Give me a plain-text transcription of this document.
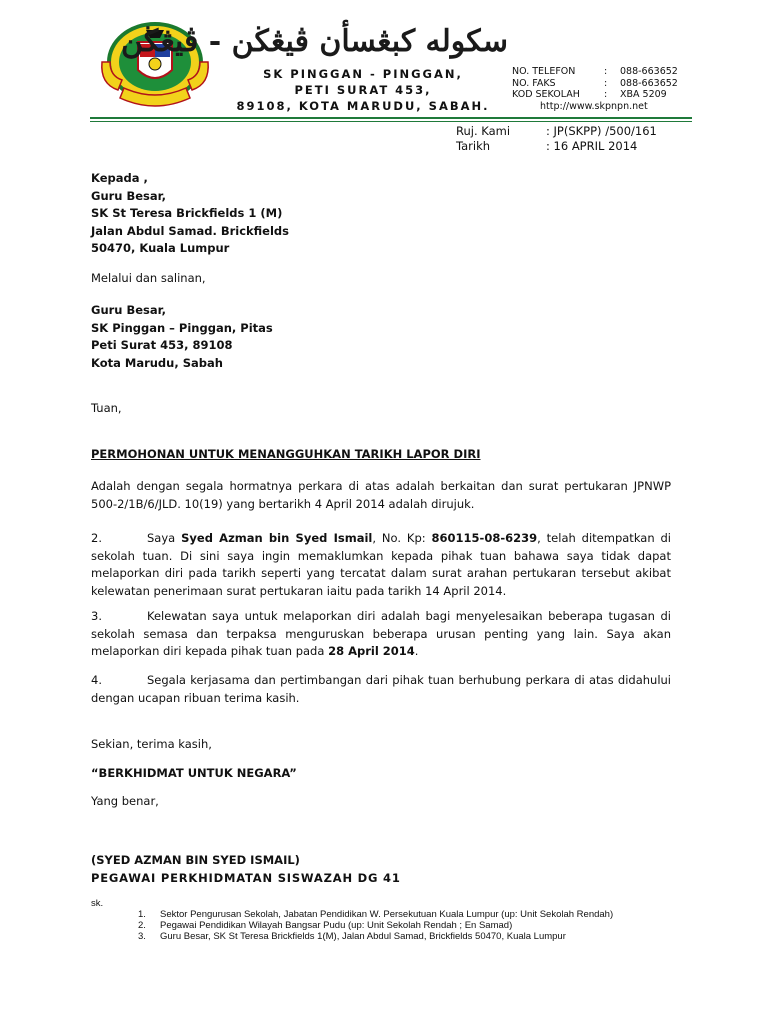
سكوله كبڠسأن ڤيڠڬن - ڤيڠڬن
SK PINGGAN - PINGGAN,
PETI SURAT 453,
89108, KOTA MARUDU, SABAH.
NO. TELEFON	:	088-663652
NO. FAKS	:	088-663652
KOD SEKOLAH	:	XBA 5209
http://www.skpnpn.net
Ruj. Kami	: JP(SKPP) /500/161
Tarikh	: 16 APRIL 2014
Kepada ,
Guru Besar,
SK St Teresa Brickfields 1 (M)
Jalan Abdul Samad. Brickfields
50470, Kuala Lumpur
Melalui dan salinan,
Guru Besar,
SK Pinggan – Pinggan, Pitas
Peti Surat 453, 89108
Kota Marudu, Sabah
Tuan,
PERMOHONAN UNTUK MENANGGUHKAN TARIKH LAPOR DIRI
Adalah dengan segala hormatnya perkara di atas adalah berkaitan dan surat pertukaran JPNWP 500-2/1B/6/JLD. 10(19) yang bertarikh 4 April 2014 adalah dirujuk.
2.	Saya Syed Azman bin Syed Ismail, No. Kp: 860115-08-6239, telah ditempatkan di sekolah tuan. Di sini saya ingin memaklumkan kepada pihak tuan bahawa saya tidak dapat melaporkan diri pada tarikh seperti yang tercatat dalam surat arahan pertukaran tersebut akibat kelewatan penerimaan surat pertukaran iaitu pada tarikh 14 April 2014.
3.	Kelewatan saya untuk melaporkan diri adalah bagi menyelesaikan beberapa tugasan di sekolah semasa dan terpaksa menguruskan beberapa urusan penting yang lain. Saya akan melaporkan diri kepada pihak tuan pada 28 April 2014.
4.	Segala kerjasama dan pertimbangan dari pihak tuan berhubung perkara di atas didahului dengan ucapan ribuan terima kasih.
Sekian, terima kasih,
“BERKHIDMAT UNTUK NEGARA”
Yang benar,
(SYED AZMAN BIN SYED ISMAIL)
PEGAWAI PERKHIDMATAN SISWAZAH DG 41
sk.
1.	Sektor Pengurusan Sekolah, Jabatan Pendidikan W. Persekutuan Kuala Lumpur (up: Unit Sekolah Rendah)
2.	Pegawai Pendidikan Wilayah Bangsar Pudu (up: Unit Sekolah Rendah ; En Samad)
3.	Guru Besar, SK St Teresa Brickfields 1(M), Jalan Abdul Samad, Brickfields 50470, Kuala Lumpur
